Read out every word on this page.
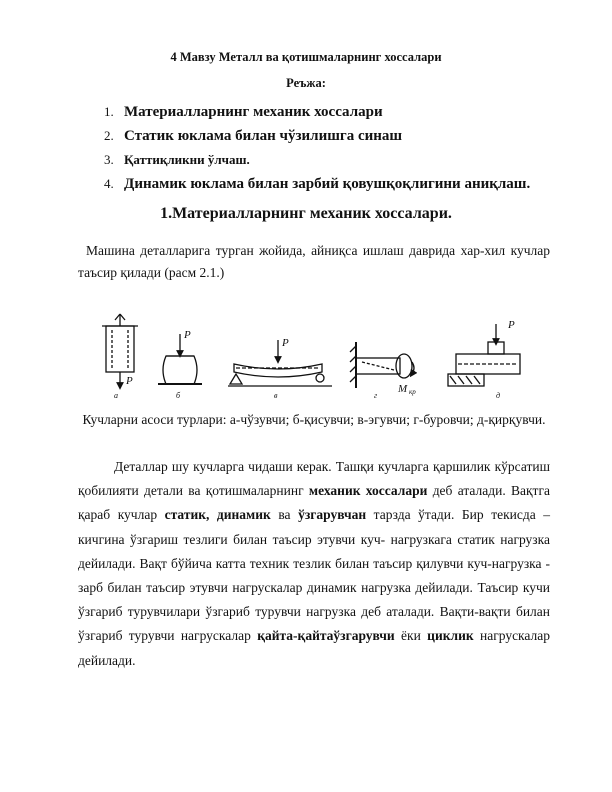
4 Мавзу Металл ва қотишмаларнинг хоссалари
Реъжа:
1. Материалларнинг механик хоссалари
2. Статик юклама билан чўзилишга синаш
3. Қаттиқликни ўлчаш.
4. Динамик юклама билан зарбий қовушқоқлигини аниқлаш.
1.Материалларнинг механик хоссалари.
Машина деталларига турган жойида, айниқса ишлаш даврида хар-хил кучлар таъсир қилади (расм 2.1.)
P
а
P
б
P
в
M кр
г
P
д
Кучларни асоси турлари: а-чўзувчи; б-қисувчи; в-эгувчи; г-буровчи; д-қирқувчи.
Деталлар шу кучларга чидаши керак. Ташқи кучларга қаршилик кўрсатиш қобилияти детали ва қотишмаларнинг механик хоссалари деб аталади. Вақтга қараб кучлар статик, динамик ва ўзгарувчан тарзда ўтади. Бир текисда – кичгина ўзгариш тезлиги билан таъсир этувчи куч- нагрузкага статик нагрузка дейилади. Вақт бўйича катта техник тезлик билан таъсир қилувчи куч-нагрузка - зарб билан таъсир этувчи нагрускалар динамик нагрузка дейилади. Таъсир кучи ўзгариб турувчилари ўзгариб турувчи нагрузка деб аталади. Вақти-вақти билан ўзгариб турувчи нагрускалар қайта-қайтаўзгарувчи ёки циклик нагрускалар дейилади.
